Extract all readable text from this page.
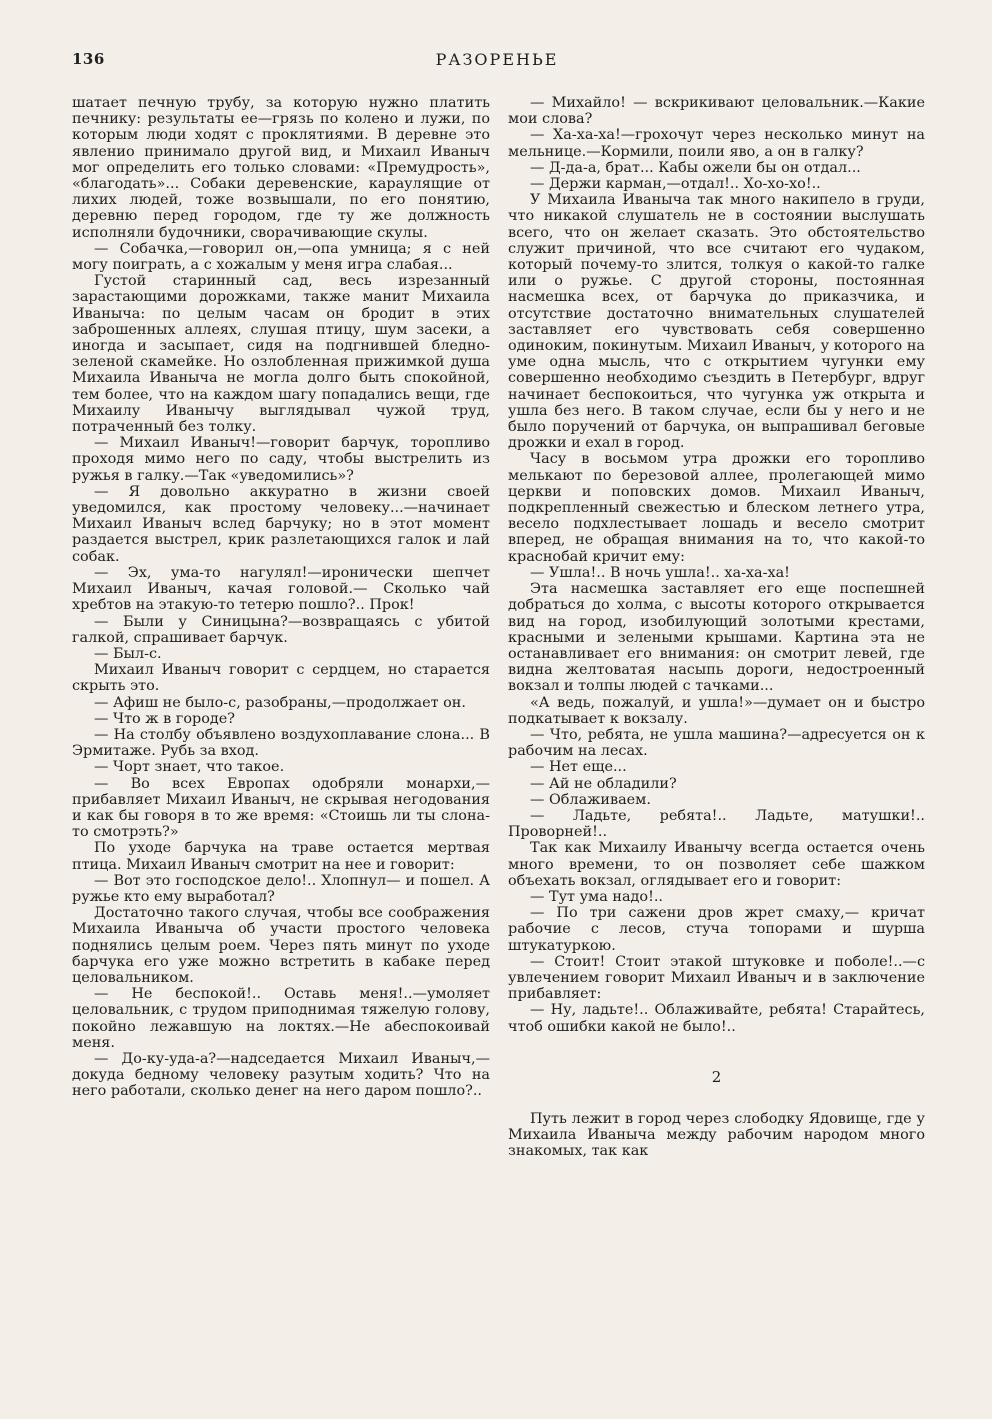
136	РАЗОРЕНЬЕ

шатает печную трубу, за которую нужно платить печнику: результаты ее—грязь по колено и лужи, по которым люди ходят с проклятиями. В деревне это явленио принимало другой вид, и Михаил Иваныч мог определить его только словами: «Премудрость», «благодать»... Собаки деревенские, караулящие от лихих людей, тоже возвышали, по его понятию, деревню перед городом, где ту же должность исполняли будочники, сворачивающие скулы.

— Собачка,—говорил он,—опа умница; я с ней могу поиграть, а с хожалым у меня игра слабая...

Густой старинный сад, весь изрезанный зарастающими дорожками, также манит Михаила Иваныча: по целым часам он бродит в этих заброшенных аллеях, слушая птицу, шум засеки, а иногда и засыпает, сидя на подгнившей бледно-зеленой скамейке. Но озлобленная прижимкой душа Михаила Иваныча не могла долго быть спокойной, тем более, что на каждом шагу попадались вещи, где Михаилу Иванычу выглядывал чужой труд, потраченный без толку.

— Михаил Иваныч!—говорит барчук, торопливо проходя мимо него по саду, чтобы выстрелить из ружья в галку.—Так «уведомились»?

— Я довольно аккуратно в жизни своей уведомился, как простому человеку...—начинает Михаил Иваныч вслед барчуку; но в этот момент раздается выстрел, крик разлетающихся галок и лай собак.

— Эх, ума-то нагулял!—иронически шепчет Михаил Иваныч, качая головой.— Сколько чай хребтов на этакую-то тетерю пошло?.. Прок!

— Были у Синицына?—возвращаясь с убитой галкой, спрашивает барчук.

— Был-с.

Михаил Иваныч говорит с сердцем, но старается скрыть это.

— Афиш не было-с, разобраны,—продолжает он.

— Что ж в городе?

— На столбу объявлено воздухоплавание слона... В Эрмитаже. Рубь за вход.

— Чорт знает, что такое.

— Во всех Европах одобряли монархи,— прибавляет Михаил Иваныч, не скрывая негодования и как бы говоря в то же время: «Стоишь ли ты слона-то смотрэть?»

По уходе барчука на траве остается мертвая птица. Михаил Иваныч смотрит на нее и говорит:

— Вот это господское дело!.. Хлопнул— и пошел. А ружье кто ему выработал?

Достаточно такого случая, чтобы все соображения Михаила Иваныча об участи простого человека поднялись целым роем. Через пять минут по уходе барчука его уже можно встретить в кабаке перед целовальником.

— Не беспокой!.. Оставь меня!..—умоляет целовальник, с трудом приподнимая тяжелую голову, покойно лежавшую на локтях.—Не абеспокоивай меня.

— До-ку-уда-а?—надседается Михаил Иваныч,—докуда бедному человеку разутым ходить? Что на него работали, сколько денег на него даром пошло?..

— Михайло! — вскрикивают целовальник.—Какие мои слова?

— Ха-ха-ха!—грохочут через несколько минут на мельнице.—Кормили, поили яво, а он в галку?

— Д-да-а, брат... Кабы ожели бы он отдал...

— Держи карман,—отдал!.. Хо-хо-хо!..

У Михаила Иваныча так много накипело в груди, что никакой слушатель не в состоянии выслушать всего, что он желает сказать. Это обстоятельство служит причиной, что все считают его чудаком, который почему-то злится, толкуя о какой-то галке или о ружье. С другой стороны, постоянная насмешка всех, от барчука до приказчика, и отсутствие достаточно внимательных слушателей заставляет его чувствовать себя совершенно одиноким, покинутым. Михаил Иваныч, у которого на уме одна мысль, что с открытием чугунки ему совершенно необходимо съездить в Петербург, вдруг начинает беспокоиться, что чугунка уж открыта и ушла без него. В таком случае, если бы у него и не было поручений от барчука, он выпрашивал беговые дрожки и ехал в город.

Часу в восьмом утра дрожки его торопливо мелькают по березовой аллее, пролегающей мимо церкви и поповских домов. Михаил Иваныч, подкрепленный свежестью и блеском летнего утра, весело подхлестывает лошадь и весело смотрит вперед, не обращая внимания на то, что какой-то краснобай кричит ему:

— Ушла!.. В ночь ушла!.. ха-ха-ха!

Эта насмешка заставляет его еще поспешней добраться до холма, с высоты которого открывается вид на город, изобилующий золотыми крестами, красными и зелеными крышами. Картина эта не останавливает его внимания: он смотрит левей, где видна желтоватая насыпь дороги, недостроенный вокзал и толпы людей с тачками...

«А ведь, пожалуй, и ушла!»—думает он и быстро подкатывает к вокзалу.

— Что, ребята, не ушла машина?—адресуется он к рабочим на лесах.

— Нет еще...

— Ай не обладили?

— Облаживаем.

— Ладьте, ребята!.. Ладьте, матушки!.. Проворней!..

Так как Михаилу Иванычу всегда остается очень много времени, то он позволяет себе шажком объехать вокзал, оглядывает его и говорит:

— Тут ума надо!..

— По три сажени дров жрет смаху,— кричат рабочие с лесов, стуча топорами и шурша штукатуркою.

— Стоит! Стоит этакой штуковке и поболе!..—с увлечением говорит Михаил Иваныч и в заключение прибавляет:

— Ну, ладьте!.. Облаживайте, ребята! Старайтесь, чтоб ошибки какой не было!..

2

Путь лежит в город через слободку Ядовище, где у Михаила Иваныча между рабочим народом много знакомых, так как
